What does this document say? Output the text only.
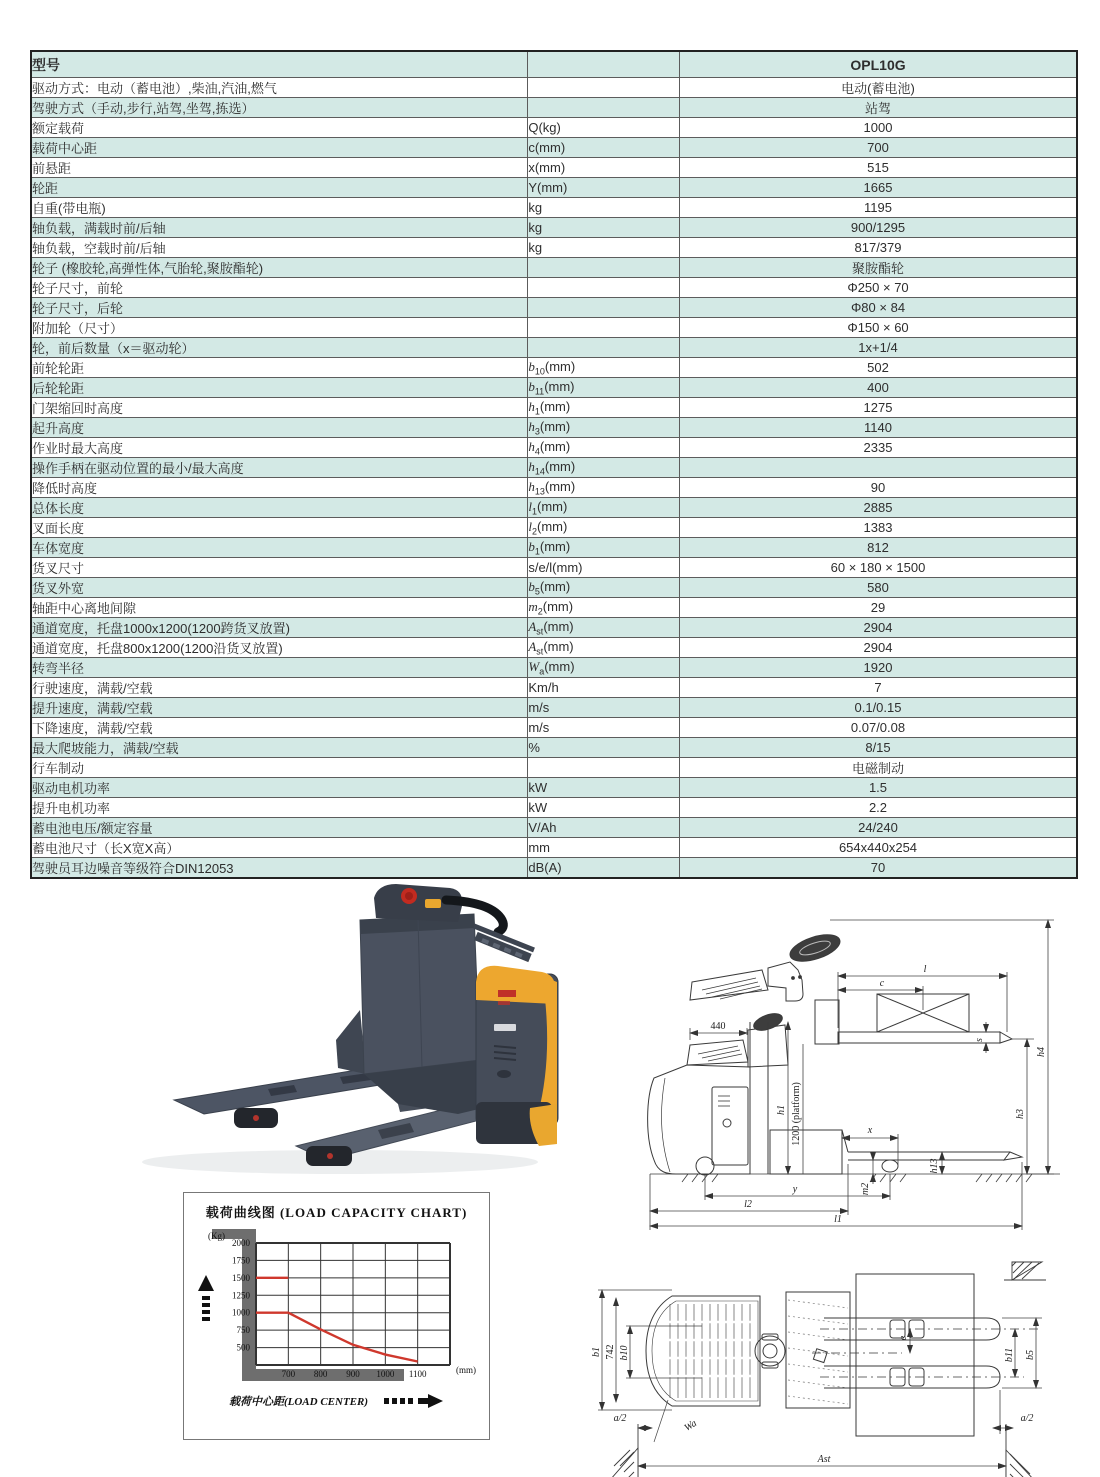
型号		OPL10G
驱动方式：电动（蓄电池）,柴油,汽油,燃气		电动(蓄电池)
驾驶方式（手动,步行,站驾,坐驾,拣选）		站驾
额定载荷	Q(kg)	1000
载荷中心距	c(mm)	700
前悬距	x(mm)	515
轮距	Y(mm)	1665
自重(带电瓶)	kg	1195
轴负载，满载时前/后轴	kg	900/1295
轴负载，空载时前/后轴	kg	817/379
轮子 (橡胶轮,高弹性体,气胎轮,聚胺酯轮)		聚胺酯轮
轮子尺寸，前轮		Φ250 × 70
轮子尺寸，后轮		Φ80 × 84
附加轮（尺寸）		Φ150 × 60
轮，前后数量（x＝驱动轮）		1x+1/4
前轮轮距	$b_{10}(mm)$	502
后轮轮距	$b_{11}(mm)$	400
门架缩回时高度	$h_1(mm)$	1275
起升高度	$h_3(mm)$	1140
作业时最大高度	$h_4(mm)$	2335
操作手柄在驱动位置的最小/最大高度	$h_{14}(mm)$	
降低时高度	$h_{13}(mm)$	90
总体长度	$l_1(mm)$	2885
叉面长度	$l_2(mm)$	1383
车体宽度	$b_1(mm)$	812
货叉尺寸	s/e/l(mm)	60 × 180 × 1500
货叉外宽	$b_5(mm)$	580
轴距中心离地间隙	$m_2(mm)$	29
通道宽度，托盘1000x1200(1200跨货叉放置)	$A_{st}(mm)$	2904
通道宽度，托盘800x1200(1200沿货叉放置)	$A_{st}(mm)$	2904
转弯半径	$W_a(mm)$	1920
行驶速度，满载/空载	Km/h	7
提升速度，满载/空载	m/s	0.1/0.15
下降速度，满载/空载	m/s	0.07/0.08
最大爬坡能力，满载/空载	%	8/15
行车制动		电磁制动
驱动电机功率	kW	1.5
提升电机功率	kW	2.2
蓄电池电压/额定容量	V/Ah	24/240
蓄电池尺寸（长X宽X高）	mm	654x440x254
驾驶员耳边噪音等级符合DIN12053	dB(A)	70
440
l
c
s
h3
h4
h1 1200 (platform)	x
h13
m2
y
l2
l1
载荷曲线图 (LOAD CAPACITY CHART)
(Kg)
(mm)
2000
1750
1500
1250
1000
750
500
700 800 900 1000 1100
载荷中心距(LOAD CENTER)
b1 742 b10
Wa
a/2
e
b11 b5
a/2
Ast
